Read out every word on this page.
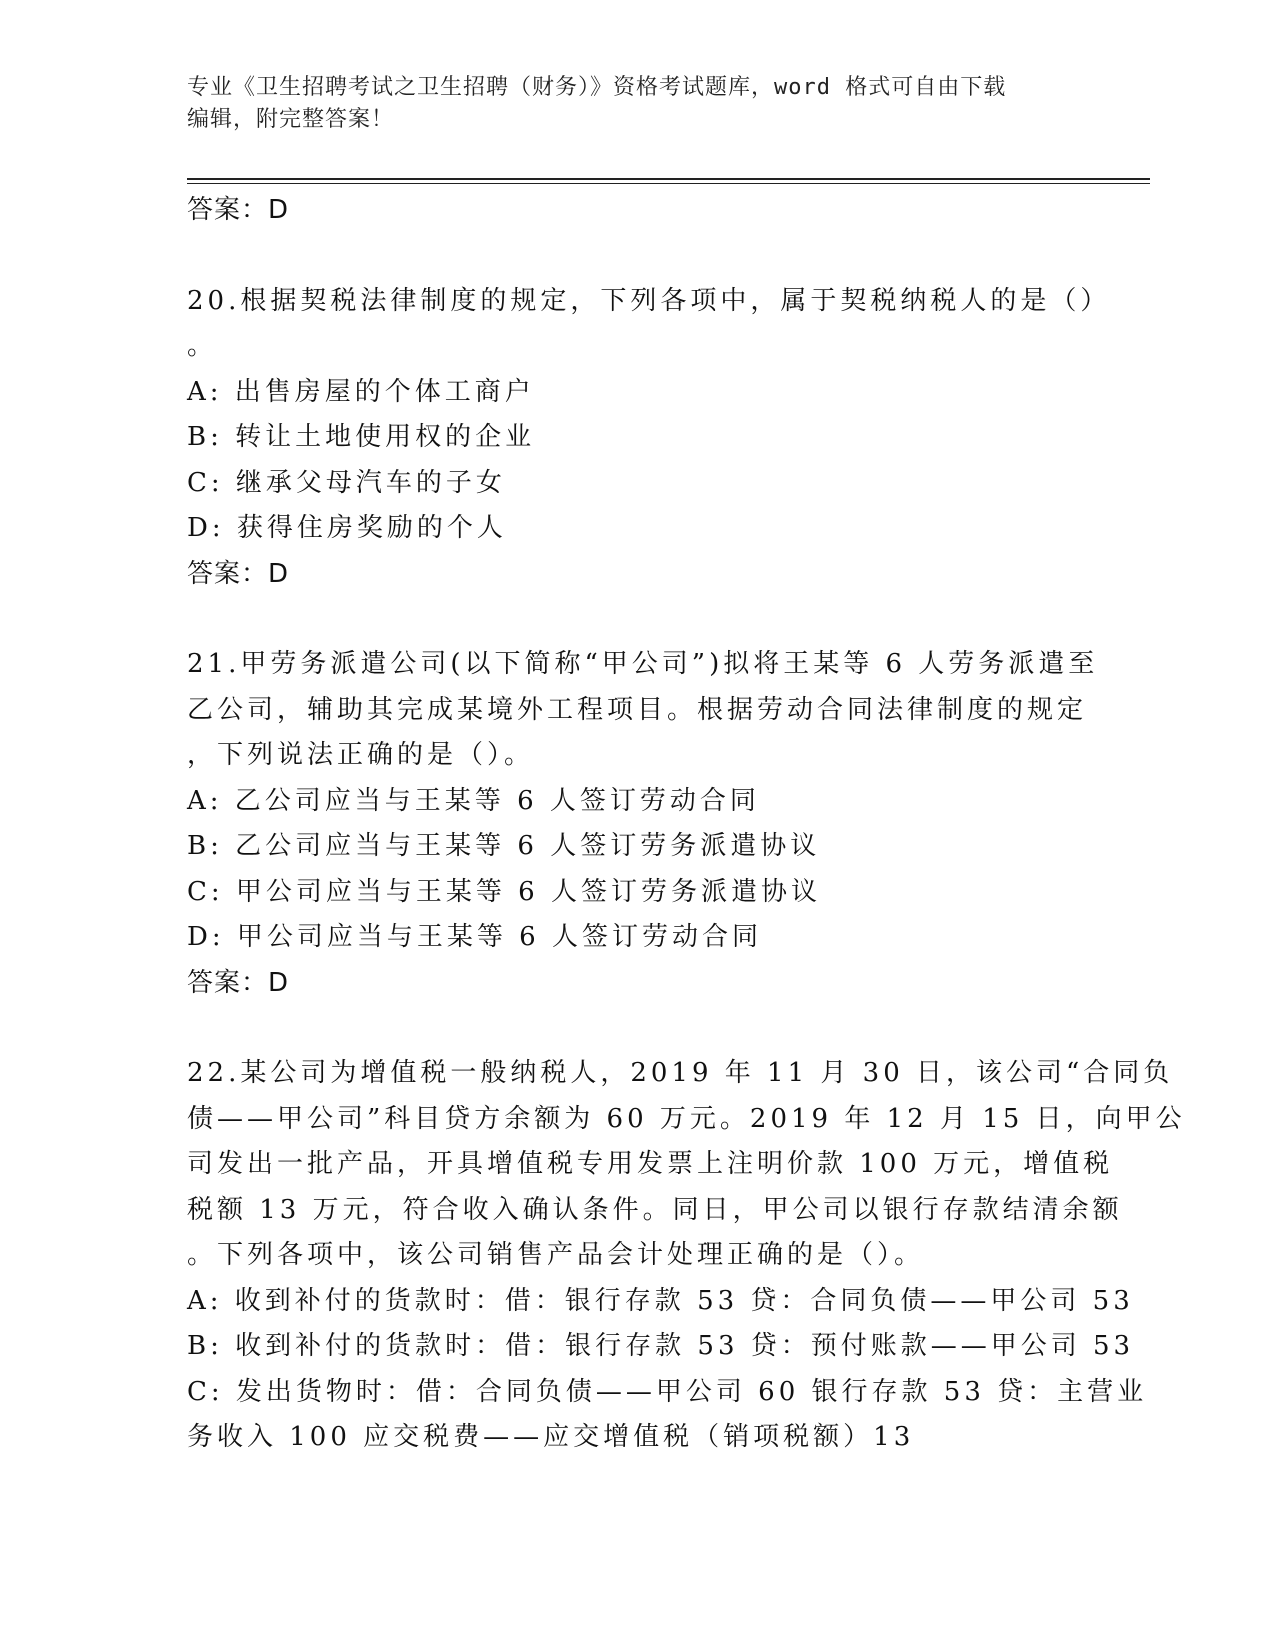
专业《卫生招聘考试之卫生招聘（财务）》资格考试题库，word 格式可自由下载
编辑，附完整答案！
答案：D
20.根据契税法律制度的规定，下列各项中，属于契税纳税人的是（）
。
A: 出售房屋的个体工商户
B: 转让土地使用权的企业
C: 继承父母汽车的子女
D: 获得住房奖励的个人
答案：D
21.甲劳务派遣公司(以下简称“甲公司”)拟将王某等 6 人劳务派遣至
乙公司，辅助其完成某境外工程项目。根据劳动合同法律制度的规定
，下列说法正确的是（）。
A: 乙公司应当与王某等 6 人签订劳动合同
B: 乙公司应当与王某等 6 人签订劳务派遣协议
C: 甲公司应当与王某等 6 人签订劳务派遣协议
D: 甲公司应当与王某等 6 人签订劳动合同
答案：D
22.某公司为增值税一般纳税人，2019 年 11 月 30 日，该公司“合同负
债——甲公司”科目贷方余额为 60 万元。2019 年 12 月 15 日，向甲公
司发出一批产品，开具增值税专用发票上注明价款 100 万元，增值税
税额 13 万元，符合收入确认条件。同日，甲公司以银行存款结清余额
。下列各项中，该公司销售产品会计处理正确的是（）。
A: 收到补付的货款时：借：银行存款 53 贷：合同负债——甲公司 53
B: 收到补付的货款时：借：银行存款 53 贷：预付账款——甲公司 53
C: 发出货物时：借：合同负债——甲公司 60 银行存款 53 贷：主营业
务收入 100 应交税费——应交增值税（销项税额）13
